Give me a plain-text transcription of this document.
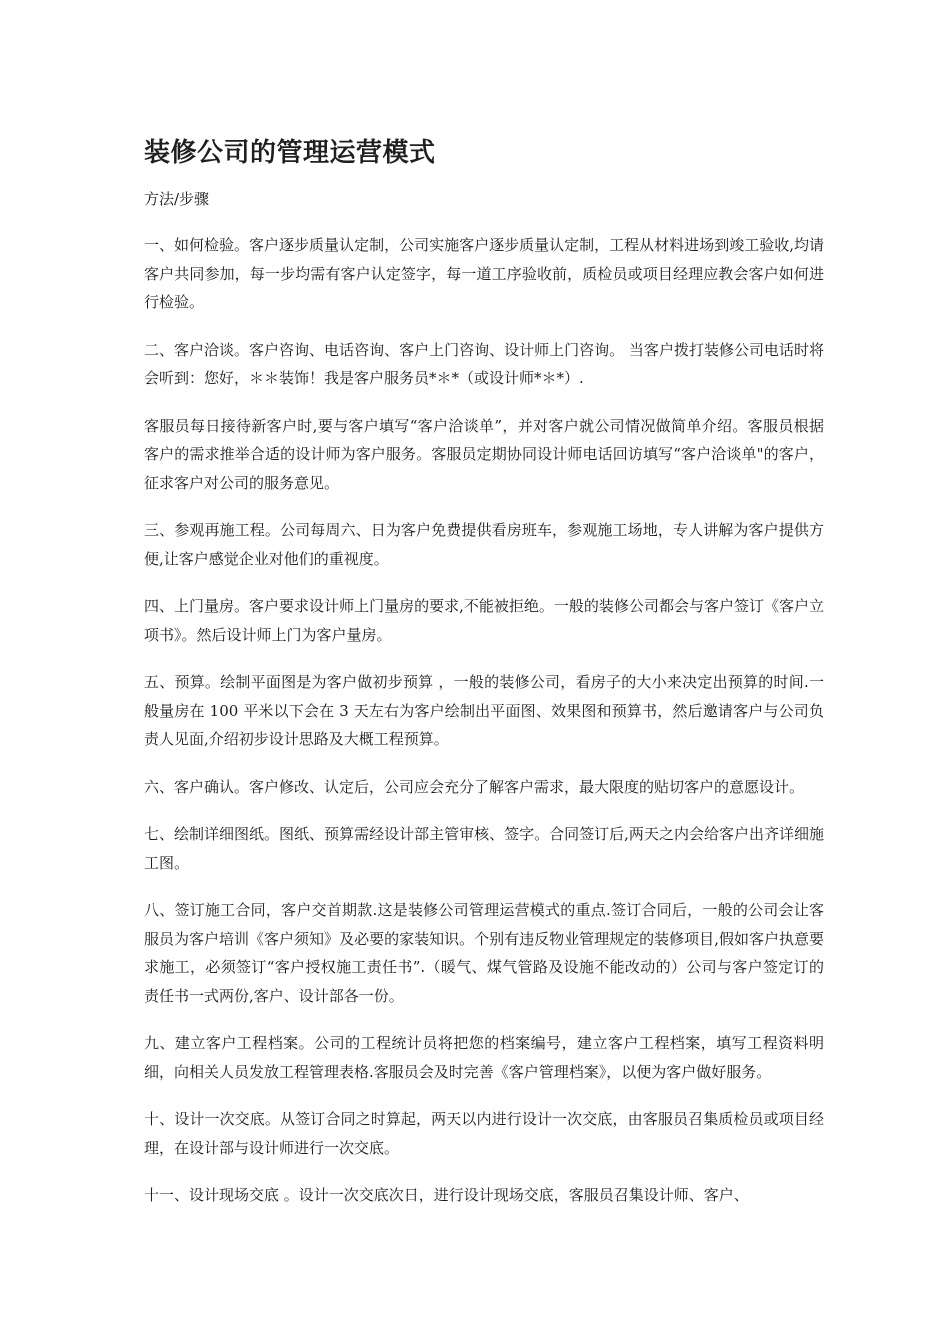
装修公司的管理运营模式

方法/步骤

一、如何检验。客户逐步质量认定制，公司实施客户逐步质量认定制，工程从材料进场到竣工验收,均请客户共同参加，每一步均需有客户认定签字，每一道工序验收前，质检员或项目经理应教会客户如何进行检验。

二、客户洽谈。客户咨询、电话咨询、客户上门咨询、设计师上门咨询。 当客户拨打装修公司电话时将会听到：您好，＊＊装饰！我是客户服务员*＊*（或设计师*＊*）.

客服员每日接待新客户时,要与客户填写“客户洽谈单”，并对客户就公司情况做简单介绍。客服员根据客户的需求推举合适的设计师为客户服务。客服员定期协同设计师电话回访填写“客户洽谈单"的客户，征求客户对公司的服务意见。

三、参观再施工程。公司每周六、日为客户免费提供看房班车，参观施工场地，专人讲解为客户提供方便,让客户感觉企业对他们的重视度。

四、上门量房。客户要求设计师上门量房的要求,不能被拒绝。一般的装修公司都会与客户签订《客户立项书》。然后设计师上门为客户量房。

五、预算。绘制平面图是为客户做初步预算 ，一般的装修公司，看房子的大小来决定出预算的时间.一般量房在 100 平米以下会在 3 天左右为客户绘制出平面图、效果图和预算书，然后邀请客户与公司负责人见面,介绍初步设计思路及大概工程预算。

六、客户确认。客户修改、认定后，公司应会充分了解客户需求，最大限度的贴切客户的意愿设计。

七、绘制详细图纸。图纸、预算需经设计部主管审核、签字。合同签订后,两天之内会给客户出齐详细施工图。

八、签订施工合同，客户交首期款.这是装修公司管理运营模式的重点.签订合同后，一般的公司会让客服员为客户培训《客户须知》及必要的家装知识。个别有违反物业管理规定的装修项目,假如客户执意要求施工，必须签订“客户授权施工责任书”.（暖气、煤气管路及设施不能改动的）公司与客户签定订的责任书一式两份,客户、设计部各一份。

九、建立客户工程档案。公司的工程统计员将把您的档案编号，建立客户工程档案，填写工程资料明细，向相关人员发放工程管理表格.客服员会及时完善《客户管理档案》，以便为客户做好服务。

十、设计一次交底。从签订合同之时算起，两天以内进行设计一次交底，由客服员召集质检员或项目经理，在设计部与设计师进行一次交底。

十一、设计现场交底 。设计一次交底次日，进行设计现场交底，客服员召集设计师、客户、
